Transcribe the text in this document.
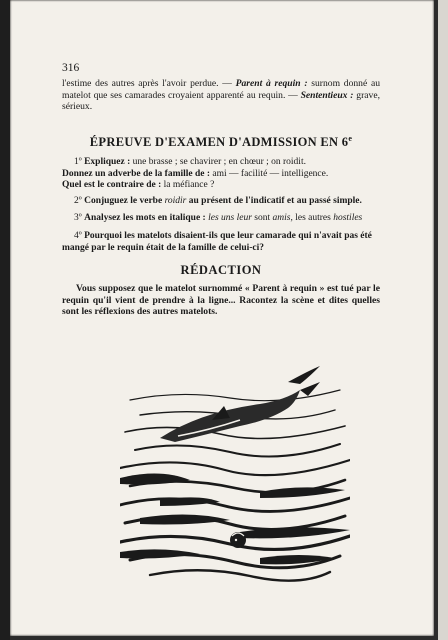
316
l'estime des autres après l'avoir perdue. — Parent à requin : surnom donné au matelot que ses camarades croyaient apparenté au requin. — Sententieux : grave, sérieux.
ÉPREUVE D'EXAMEN D'ADMISSION EN 6e
1º Expliquez : une brasse ; se chavirer ; en chœur ; on roidit.
Donnez un adverbe de la famille de : ami — facilité — intelligence.
Quel est le contraire de : la méfiance ?
2º Conjuguez le verbe roidir au présent de l'indicatif et au passé simple.
3º Analysez les mots en italique : les uns leur sont amis, les autres hostiles
4º Pourquoi les matelots disaient-ils que leur camarade qui n'avait pas été mangé par le requin était de la famille de celui-ci?
RÉDACTION
Vous supposez que le matelot surnommé « Parent à requin » est tué par le requin qu'il vient de prendre à la ligne... Racontez la scène et dites quelles sont les réflexions des autres matelots.
